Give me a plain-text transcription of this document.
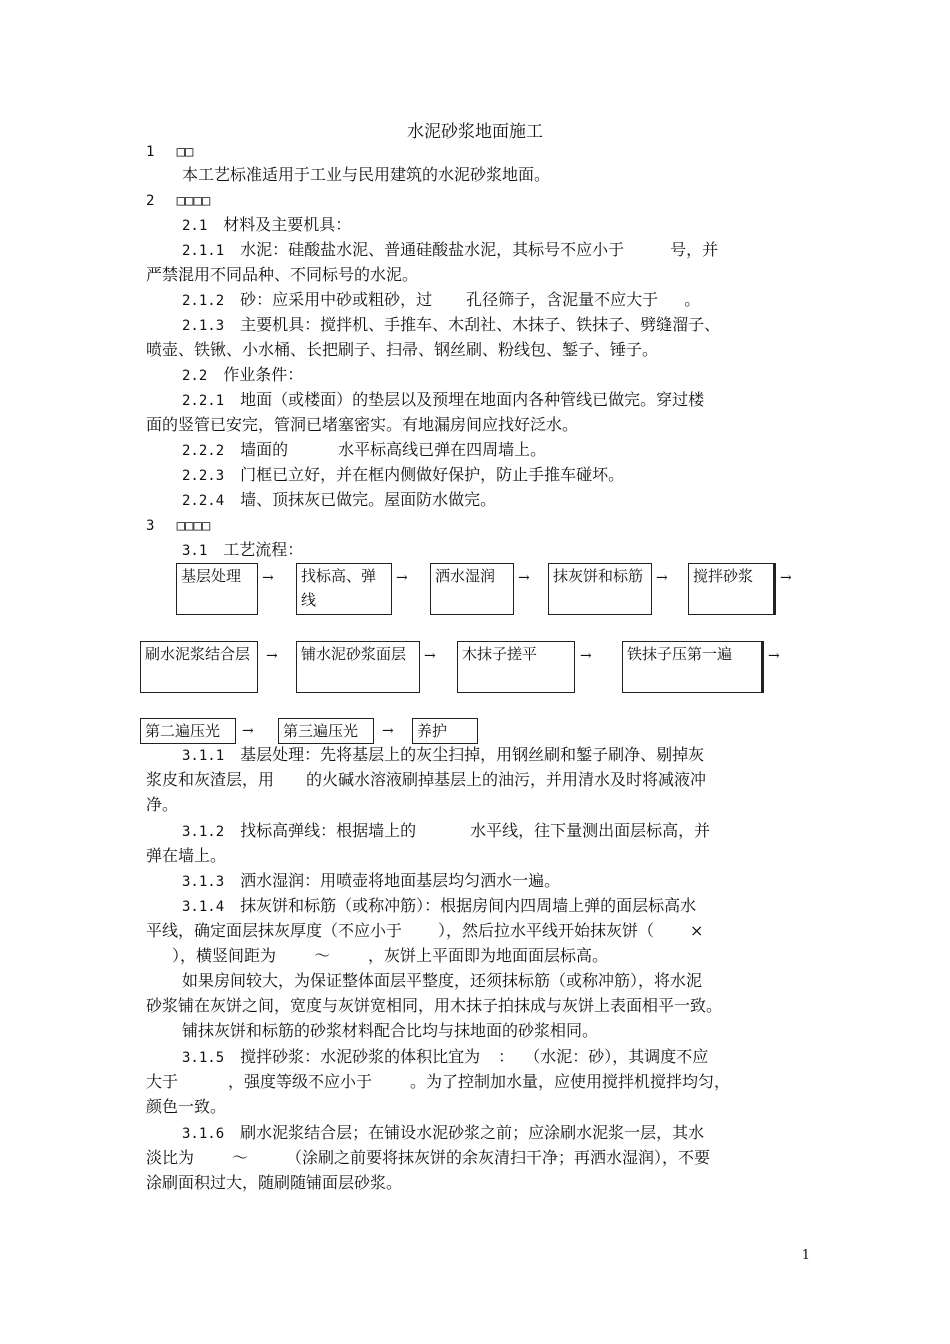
水泥砂浆地面施工
1 □□
本工艺标准适用于工业与民用建筑的水泥砂浆地面。
2 □□□□
2.1 材料及主要机具：
2.1.1 水泥：硅酸盐水泥、普通硅酸盐水泥，其标号不应小于	号，并
严禁混用不同品种、不同标号的水泥。
2.1.2 砂：应采用中砂或粗砂，过 孔径筛子，含泥量不应大于 。
2.1.3 主要机具：搅拌机、手推车、木刮社、木抹子、铁抹子、劈缝溜子、
喷壶、铁锹、小水桶、长把刷子、扫帚、钢丝刷、粉线包、錾子、锤子。
2.2 作业条件：
2.2.1 地面（或楼面）的垫层以及预埋在地面内各种管线已做完。穿过楼
面的竖管已安完，管洞已堵塞密实。有地漏房间应找好泛水。
2.2.2 墙面的	水平标高线已弹在四周墙上。
2.2.3 门框已立好，并在框内侧做好保护，防止手推车碰坏。
2.2.4 墙、顶抹灰已做完。屋面防水做完。
3 □□□□
3.1 工艺流程：
基层处理	→	找标高、弹线
→	洒水湿润	→	抹灰饼和标筋 →	搅拌砂浆	→
刷水泥浆结合层	→	铺水泥砂浆面层	→	木抹子搓平	→	铁抹子压第一遍	→
第二遍压光	→	第三遍压光	→	养护
3.1.1 基层处理：先将基层上的灰尘扫掉，用钢丝刷和錾子刷净、剔掉灰
浆皮和灰渣层，用 的火碱水溶液刷掉基层上的油污，并用清水及时将减液冲
净。
3.1.2 找标高弹线：根据墙上的	水平线，往下量测出面层标高，并
弹在墙上。
3.1.3 洒水湿润：用喷壶将地面基层均匀洒水一遍。
3.1.4 抹灰饼和标筋（或称冲筋）：根据房间内四周墙上弹的面层标高水
平线，确定面层抹灰厚度（不应小于 ），然后拉水平线开始抹灰饼（ ×
），横竖间距为 ～ ，灰饼上平面即为地面面层标高。
如果房间较大，为保证整体面层平整度，还须抹标筋（或称冲筋），将水泥
砂浆铺在灰饼之间，宽度与灰饼宽相同，用木抹子拍抹成与灰饼上表面相平一致。
铺抹灰饼和标筋的砂浆材料配合比均与抹地面的砂浆相同。
3.1.5 搅拌砂浆：水泥砂浆的体积比宜为 ： （水泥：砂），其调度不应
大于	，强度等级不应小于 。为了控制加水量，应使用搅拌机搅拌均匀，
颜色一致。
3.1.6 刷水泥浆结合层；在铺设水泥砂浆之前；应涂刷水泥浆一层，其水
淡比为 ～ （涂刷之前要将抹灰饼的余灰清扫干净；再洒水湿润），不要
涂刷面积过大，随刷随铺面层砂浆。
1
